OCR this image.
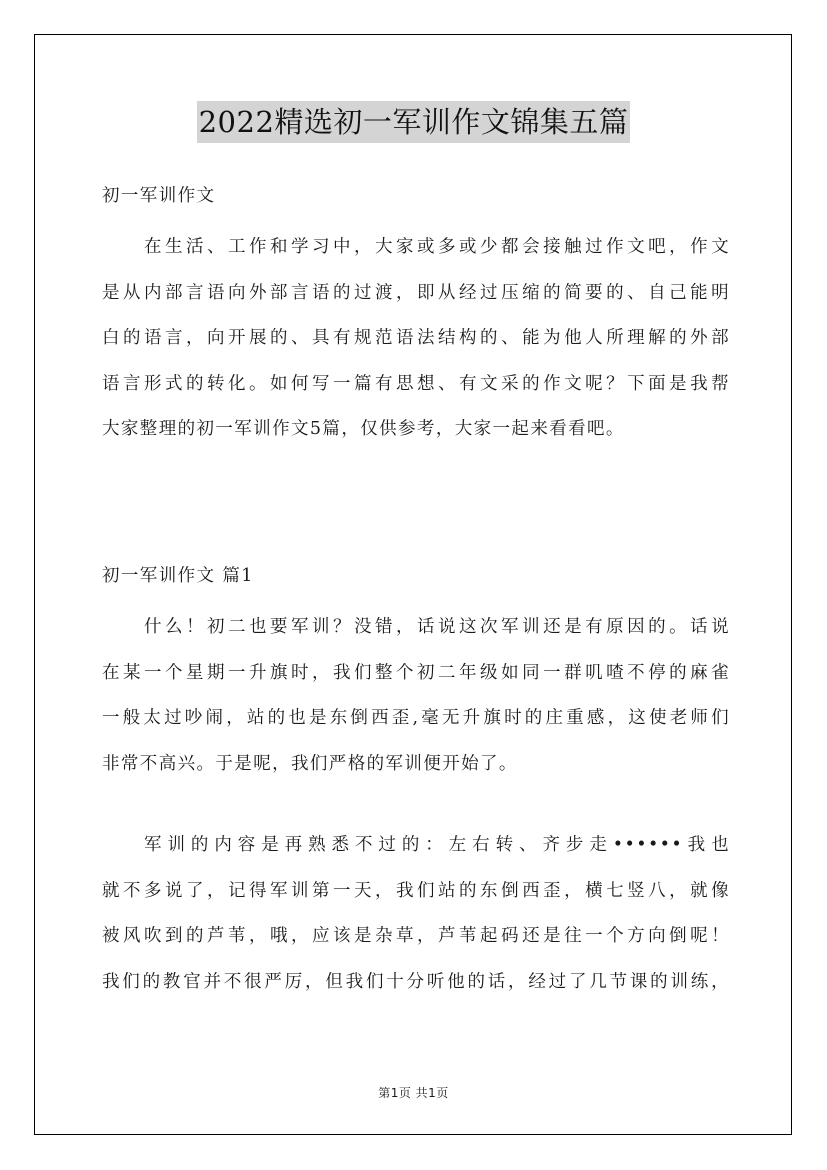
2022精选初一军训作文锦集五篇
初一军训作文
在生活、工作和学习中，大家或多或少都会接触过作文吧，作文
是从内部言语向外部言语的过渡，即从经过压缩的简要的、自己能明
白的语言，向开展的、具有规范语法结构的、能为他人所理解的外部
语言形式的转化。如何写一篇有思想、有文采的作文呢？下面是我帮
大家整理的初一军训作文5篇，仅供参考，大家一起来看看吧。
初一军训作文 篇1
什么！初二也要军训？没错，话说这次军训还是有原因的。话说
在某一个星期一升旗时，我们整个初二年级如同一群叽喳不停的麻雀
一般太过吵闹，站的也是东倒西歪,毫无升旗时的庄重感，这使老师们
非常不高兴。于是呢，我们严格的军训便开始了。
军训的内容是再熟悉不过的：左右转、齐步走••••••我也
就不多说了，记得军训第一天，我们站的东倒西歪，横七竖八，就像
被风吹到的芦苇，哦，应该是杂草，芦苇起码还是往一个方向倒呢！
我们的教官并不很严厉，但我们十分听他的话，经过了几节课的训练，
第1页 共1页
